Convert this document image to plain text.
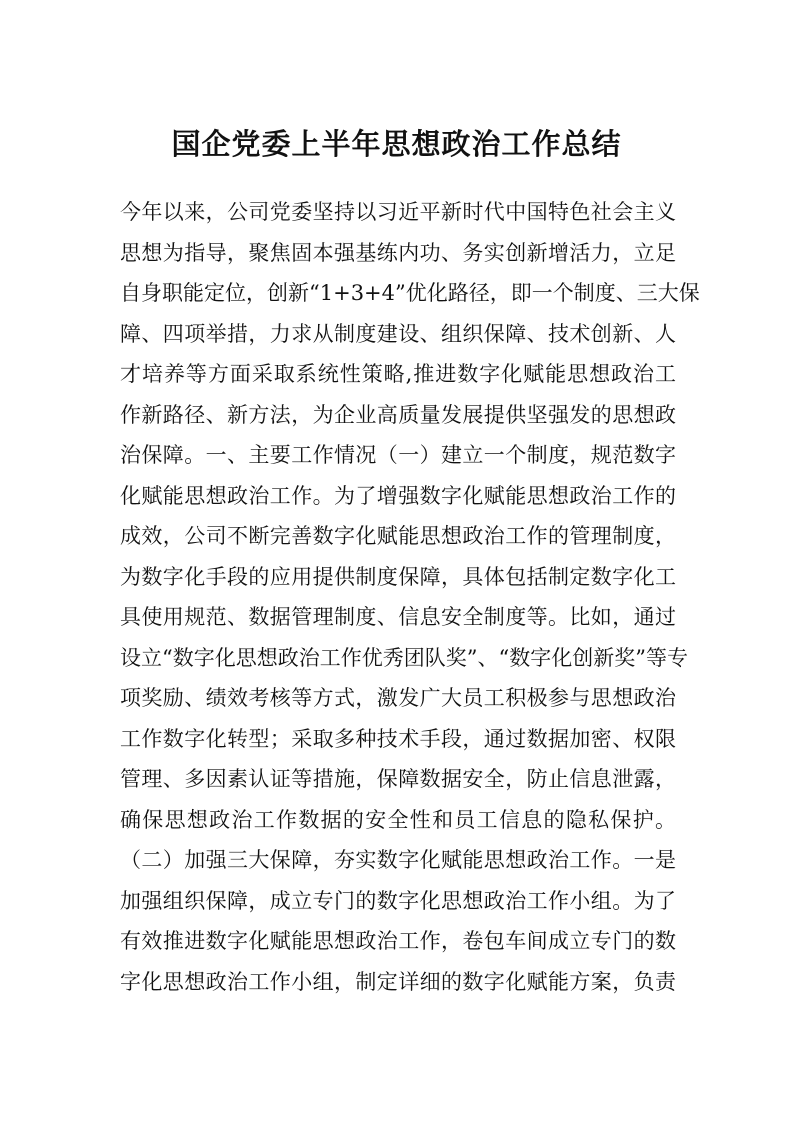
国企党委上半年思想政治工作总结
今年以来，公司党委坚持以习近平新时代中国特色社会主义
思想为指导，聚焦固本强基练内功、务实创新增活力，立足
自身职能定位，创新“1+3+4”优化路径，即一个制度、三大保
障、四项举措，力求从制度建设、组织保障、技术创新、人
才培养等方面采取系统性策略,推进数字化赋能思想政治工
作新路径、新方法，为企业高质量发展提供坚强发的思想政
治保障。一、主要工作情况（一）建立一个制度，规范数字
化赋能思想政治工作。为了增强数字化赋能思想政治工作的
成效，公司不断完善数字化赋能思想政治工作的管理制度，
为数字化手段的应用提供制度保障，具体包括制定数字化工
具使用规范、数据管理制度、信息安全制度等。比如，通过
设立“数字化思想政治工作优秀团队奖”、“数字化创新奖”等专
项奖励、绩效考核等方式，激发广大员工积极参与思想政治
工作数字化转型；采取多种技术手段，通过数据加密、权限
管理、多因素认证等措施，保障数据安全，防止信息泄露，
确保思想政治工作数据的安全性和员工信息的隐私保护。
（二）加强三大保障，夯实数字化赋能思想政治工作。一是
加强组织保障，成立专门的数字化思想政治工作小组。为了
有效推进数字化赋能思想政治工作，卷包车间成立专门的数
字化思想政治工作小组，制定详细的数字化赋能方案，负责
